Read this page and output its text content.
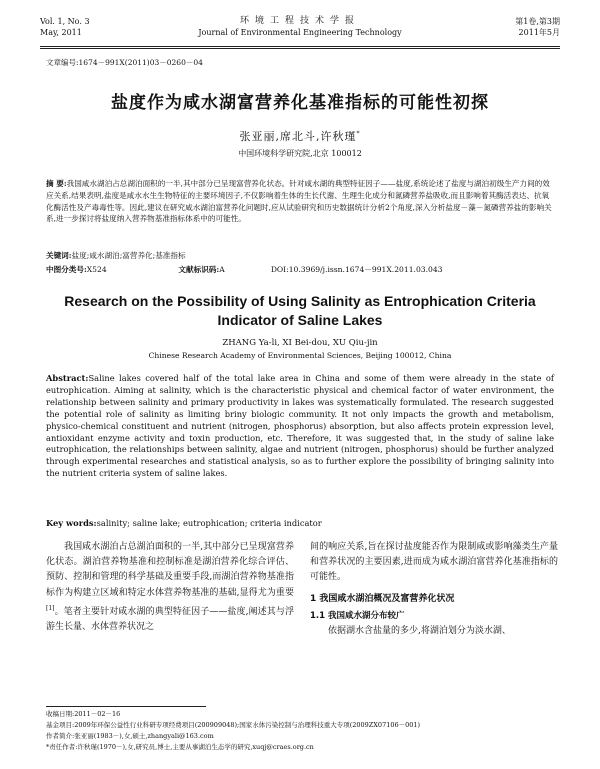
Vol. 1, No. 3
May, 2011
环境工程技术学报
Journal of Environmental Engineering Technology
第1卷,第3期
2011年5月
文章编号:1674－991X(2011)03－0260－04
盐度作为咸水湖富营养化基准指标的可能性初探
张亚丽,席北斗,许秋瑾*
中国环境科学研究院,北京 100012
摘 要:我国咸水湖泊占总湖泊面积的一半,其中部分已呈现富营养化状态。针对咸水湖的典型特征因子——盐度,系统论述了盐度与湖泊初级生产力间的效应关系,结果表明,盐度是咸水水生生物特征的主要环境因子,不仅影响着生体的生长代谢、生理生化成分和氮磷营养盐吸收,而且影响着其酶活表达、抗氧化酶活性及产毒毒性等。因此,建议在研究咸水湖泊富营养化问题时,应从试验研究和历史数据统计分析2个角度,深入分析盐度－藻－氮磷营养盐的影响关系,进一步探讨将盐度纳入营养物基准指标体系中的可能性。
关键词:盐度;咸水湖泊;富营养化;基准指标
中图分类号:X524	文献标识码:A	DOI:10.3969/j.issn.1674－991X.2011.03.043
Research on the Possibility of Using Salinity as Entrophication Criteria Indicator of Saline Lakes
ZHANG Ya-li, XI Bei-dou, XU Qiu-jin
Chinese Research Academy of Environmental Sciences, Beijing 100012, China
Abstract:Saline lakes covered half of the total lake area in China and some of them were already in the state of eutrophication. Aiming at salinity, which is the characteristic physical and chemical factor of water environment, the relationship between salinity and primary productivity in lakes was systematically formulated. The research suggested the potential role of salinity as limiting briny biologic community. It not only impacts the growth and metabolism, physico-chemical constituent and nutrient (nitrogen, phosphorus) absorption, but also affects protein expression level, antioxidant enzyme activity and toxin production, etc. Therefore, it was suggested that, in the study of saline lake eutrophication, the relationships between salinity, algae and nutrient (nitrogen, phosphorus) should be further analyzed through experimental researches and statistical analysis, so as to further explore the possibility of bringing salinity into the nutrient criteria system of saline lakes.
Key words:salinity; saline lake; eutrophication; criteria indicator
我国咸水湖泊占总湖泊面积的一半,其中部分已呈现富营养化状态。湖泊营养物基准和控制标准是湖泊营养化综合评估、预防、控制和管理的科学基础及重要手段,而湖泊营养物基准指标作为构建立区域和特定水体营养物基准的基础,显得尤为重要[1]。笔者主要针对咸水湖的典型特征因子——盐度,阐述其与浮游生长量、水体营养状况之
间的响应关系,旨在探讨盐度能否作为限制咸或影响藻类生产量和营养状况的主要因素,进而成为咸水湖泊富营养化基准指标的可能性。
1 我国咸水湖泊概况及富营养化状况
1.1 我国咸水湖分布较广
依据湖水含盐量的多少,将湖泊划分为淡水湖、
收稿日期:2011－02－16
基金项目:2009年环保公益性行业科研专项经费项目(200909048);国家水体污染控制与治理科技重大专项(2009ZX07106－001)
作者简介:张亚丽(1983－),女,硕士,zhangyali@163.com
*责任作者:许秋瑾(1970－),女,研究员,博士,主要从事湖泊生态学的研究,xuqj@craes.org.cn
